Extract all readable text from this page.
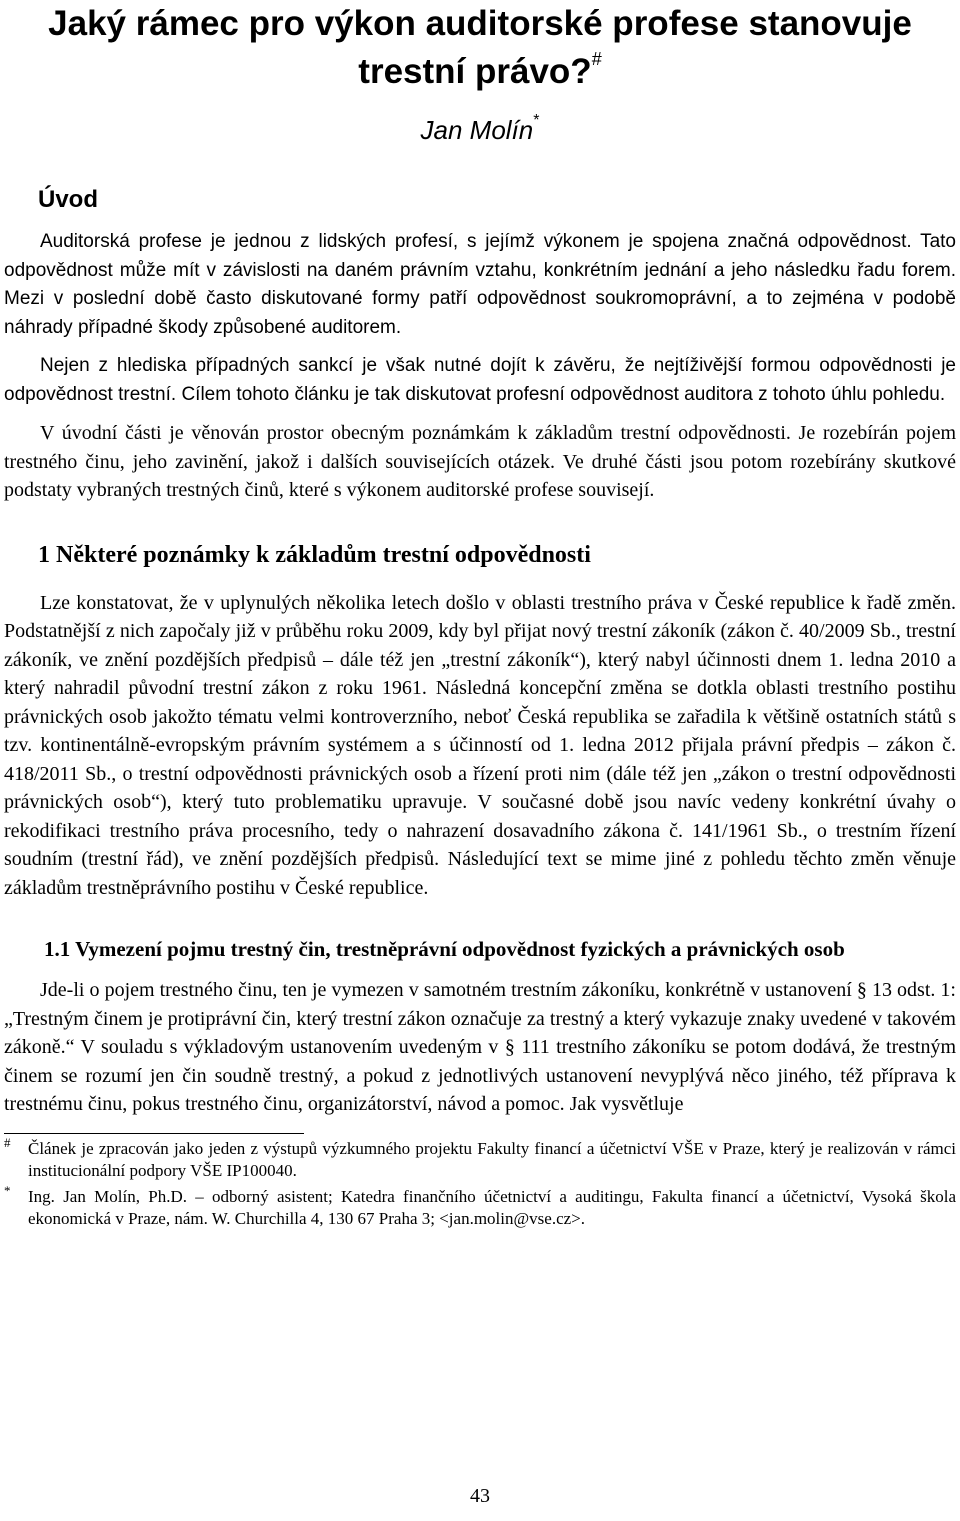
Jaký rámec pro výkon auditorské profese stanovuje
trestní právo?#
Jan Molín*
Úvod

Auditorská profese je jednou z lidských profesí, s jejímž výkonem je spojena značná odpovědnost. Tato odpovědnost může mít v závislosti na daném právním vztahu, konkrétním jednání a jeho následku řadu forem. Mezi v poslední době často diskutované formy patří odpovědnost soukromoprávní, a to zejména v podobě náhrady případné škody způsobené auditorem.

Nejen z hlediska případných sankcí je však nutné dojít k závěru, že nejtíživější formou odpovědnosti je odpovědnost trestní. Cílem tohoto článku je tak diskutovat profesní odpovědnost auditora z tohoto úhlu pohledu.

V úvodní části je věnován prostor obecným poznámkám k základům trestní odpovědnosti. Je rozebírán pojem trestného činu, jeho zavinění, jakož i dalších souvisejících otázek. Ve druhé části jsou potom rozebírány skutkové podstaty vybraných trestných činů, které s výkonem auditorské profese souvisejí.

1 Některé poznámky k základům trestní odpovědnosti

Lze konstatovat, že v uplynulých několika letech došlo v oblasti trestního práva v České republice k řadě změn. Podstatnější z nich započaly již v průběhu roku 2009, kdy byl přijat nový trestní zákoník (zákon č. 40/2009 Sb., trestní zákoník, ve znění pozdějších předpisů – dále též jen „trestní zákoník“), který nabyl účinnosti dnem 1. ledna 2010 a který nahradil původní trestní zákon z roku 1961. Následná koncepční změna se dotkla oblasti trestního postihu právnických osob jakožto tématu velmi kontroverzního, neboť Česká republika se zařadila k většině ostatních států s tzv. kontinentálně-evropským právním systémem a s účinností od 1. ledna 2012 přijala právní předpis – zákon č. 418/2011 Sb., o trestní odpovědnosti právnických osob a řízení proti nim (dále též jen „zákon o trestní odpovědnosti právnických osob“), který tuto problematiku upravuje. V současné době jsou navíc vedeny konkrétní úvahy o rekodifikaci trestního práva procesního, tedy o nahrazení dosavadního zákona č. 141/1961 Sb., o trestním řízení soudním (trestní řád), ve znění pozdějších předpisů. Následující text se mime jiné z pohledu těchto změn věnuje základům trestněprávního postihu v České republice.

1.1 Vymezení pojmu trestný čin, trestněprávní odpovědnost fyzických a právnických osob

Jde-li o pojem trestného činu, ten je vymezen v samotném trestním zákoníku, konkrétně v ustanovení § 13 odst. 1: „Trestným činem je protiprávní čin, který trestní zákon označuje za trestný a který vykazuje znaky uvedené v takovém zákoně.“ V souladu s výkladovým ustanovením uvedeným v § 111 trestního zákoníku se potom dodává, že trestným činem se rozumí jen čin soudně trestný, a pokud z jednotlivých ustanovení nevyplývá něco jiného, též příprava k trestnému činu, pokus trestného činu, organizátorství, návod a pomoc. Jak vysvětluje

# Článek je zpracován jako jeden z výstupů výzkumného projektu Fakulty financí a účetnictví VŠE v Praze, který je realizován v rámci institucionální podpory VŠE IP100040.
* Ing. Jan Molín, Ph.D. – odborný asistent; Katedra finančního účetnictví a auditingu, Fakulta financí a účetnictví, Vysoká škola ekonomická v Praze, nám. W. Churchilla 4, 130 67 Praha 3; <jan.molin@vse.cz>.
43
